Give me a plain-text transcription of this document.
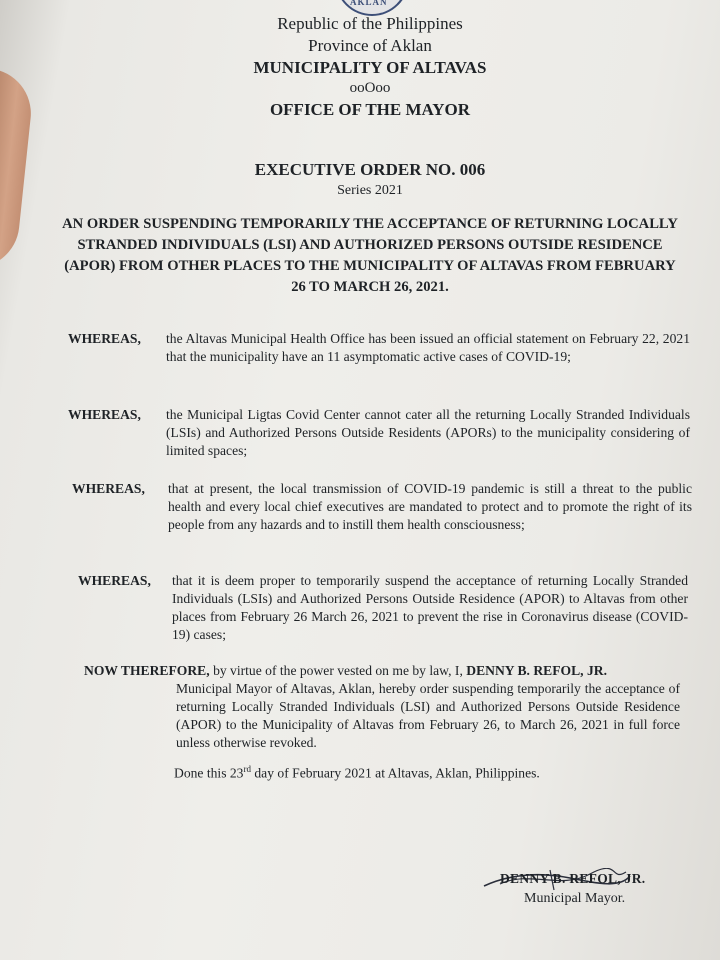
AKLAN
Republic of the Philippines
Province of Aklan
MUNICIPALITY OF ALTAVAS
ooOoo
OFFICE OF THE MAYOR
EXECUTIVE ORDER NO. 006
Series 2021
AN ORDER SUSPENDING TEMPORARILY THE ACCEPTANCE OF RETURNING LOCALLY
STRANDED INDIVIDUALS (LSI) AND AUTHORIZED PERSONS OUTSIDE RESIDENCE
(APOR) FROM OTHER PLACES TO THE MUNICIPALITY OF ALTAVAS FROM FEBRUARY
26 TO MARCH 26, 2021.
WHEREAS, the Altavas Municipal Health Office has been issued an official statement on February 22, 2021 that the municipality have an 11 asymptomatic active cases of COVID-19;
WHEREAS, the Municipal Ligtas Covid Center cannot cater all the returning Locally Stranded Individuals (LSIs) and Authorized Persons Outside Residents (APORs) to the municipality considering of limited spaces;
WHEREAS, that at present, the local transmission of COVID-19 pandemic is still a threat to the public health and every local chief executives are mandated to protect and to promote the right of its people from any hazards and to instill them health consciousness;
WHEREAS, that it is deem proper to temporarily suspend the acceptance of returning Locally Stranded Individuals (LSIs) and Authorized Persons Outside Residence (APOR) to Altavas from other places from February 26 March 26, 2021 to prevent the rise in Coronavirus disease (COVID-19) cases;
NOW THEREFORE, by virtue of the power vested on me by law, I, DENNY B. REFOL, JR.
Municipal Mayor of Altavas, Aklan, hereby order suspending temporarily the acceptance of returning Locally Stranded Individuals (LSI) and Authorized Persons Outside Residence (APOR) to the Municipality of Altavas from February 26, to March 26, 2021 in full force unless otherwise revoked.
Done this 23rd day of February 2021 at Altavas, Aklan, Philippines.
DENNY B. REFOL, JR.
Municipal Mayor.
